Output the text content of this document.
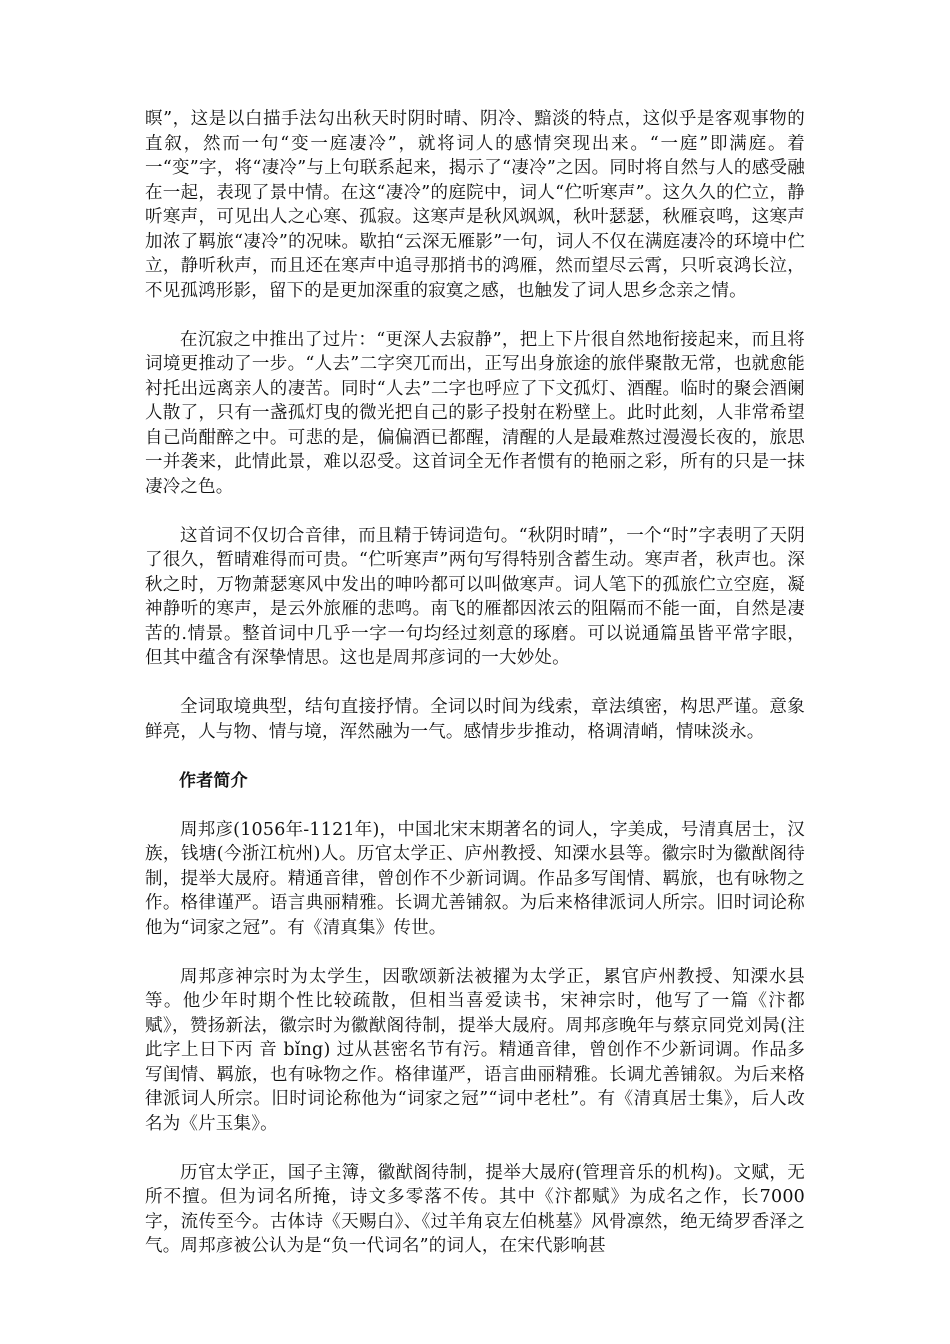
暝”，这是以白描手法勾出秋天时阴时晴、阴冷、黯淡的特点，这似乎是客观事物的直叙，然而一句“变一庭凄冷”，就将词人的感情突现出来。“一庭”即满庭。着一“变”字，将“凄冷”与上句联系起来，揭示了“凄冷”之因。同时将自然与人的感受融在一起，表现了景中情。在这“凄冷”的庭院中，词人“伫听寒声”。这久久的伫立，静听寒声，可见出人之心寒、孤寂。这寒声是秋风飒飒，秋叶瑟瑟，秋雁哀鸣，这寒声加浓了羁旅“凄冷”的况味。歇拍“云深无雁影”一句，词人不仅在满庭凄冷的环境中伫立，静听秋声，而且还在寒声中追寻那捎书的鸿雁，然而望尽云霄，只听哀鸿长泣，不见孤鸿形影，留下的是更加深重的寂寞之感，也触发了词人思乡念亲之情。

在沉寂之中推出了过片：“更深人去寂静”，把上下片很自然地衔接起来，而且将词境更推动了一步。“人去”二字突兀而出，正写出身旅途的旅伴聚散无常，也就愈能衬托出远离亲人的凄苦。同时“人去”二字也呼应了下文孤灯、酒醒。临时的聚会酒阑人散了，只有一盏孤灯曳的微光把自己的影子投射在粉壁上。此时此刻，人非常希望自己尚酣醉之中。可悲的是，偏偏酒已都醒，清醒的人是最难熬过漫漫长夜的，旅思一并袭来，此情此景，难以忍受。这首词全无作者惯有的艳丽之彩，所有的只是一抹凄冷之色。

这首词不仅切合音律，而且精于铸词造句。“秋阴时晴”，一个“时”字表明了天阴了很久，暂晴难得而可贵。“伫听寒声”两句写得特别含蓄生动。寒声者，秋声也。深秋之时，万物萧瑟寒风中发出的呻吟都可以叫做寒声。词人笔下的孤旅伫立空庭，凝神静听的寒声，是云外旅雁的悲鸣。南飞的雁都因浓云的阻隔而不能一面，自然是凄苦的.情景。整首词中几乎一字一句均经过刻意的琢磨。可以说通篇虽皆平常字眼，但其中蕴含有深挚情思。这也是周邦彦词的一大妙处。

全词取境典型，结句直接抒情。全词以时间为线索，章法缜密，构思严谨。意象鲜亮，人与物、情与境，浑然融为一气。感情步步推动，格调清峭，情味淡永。

作者简介

周邦彦(1056年-1121年)，中国北宋末期著名的词人，字美成，号清真居士，汉族，钱塘(今浙江杭州)人。历官太学正、庐州教授、知溧水县等。徽宗时为徽猷阁待制，提举大晟府。精通音律，曾创作不少新词调。作品多写闺情、羁旅，也有咏物之作。格律谨严。语言典丽精雅。长调尤善铺叙。为后来格律派词人所宗。旧时词论称他为“词家之冠”。有《清真集》传世。

周邦彦神宗时为太学生，因歌颂新法被擢为太学正，累官庐州教授、知溧水县等。他少年时期个性比较疏散，但相当喜爱读书，宋神宗时，他写了一篇《汴都赋》，赞扬新法，徽宗时为徽猷阁待制，提举大晟府。周邦彦晚年与蔡京同党刘昺(注 此字上日下丙 音 bǐng) 过从甚密名节有污。精通音律，曾创作不少新词调。作品多写闺情、羁旅，也有咏物之作。格律谨严，语言曲丽精雅。长调尤善铺叙。为后来格律派词人所宗。旧时词论称他为“词家之冠”“词中老杜”。有《清真居士集》，后人改名为《片玉集》。

历官太学正，国子主簿，徽猷阁待制，提举大晟府(管理音乐的机构)。文赋，无所不擅。但为词名所掩，诗文多零落不传。其中《汴都赋》为成名之作，长7000字，流传至今。古体诗《天赐白》、《过羊角哀左伯桃墓》风骨凛然，绝无绮罗香泽之气。周邦彦被公认为是“负一代词名”的词人，在宋代影响甚
